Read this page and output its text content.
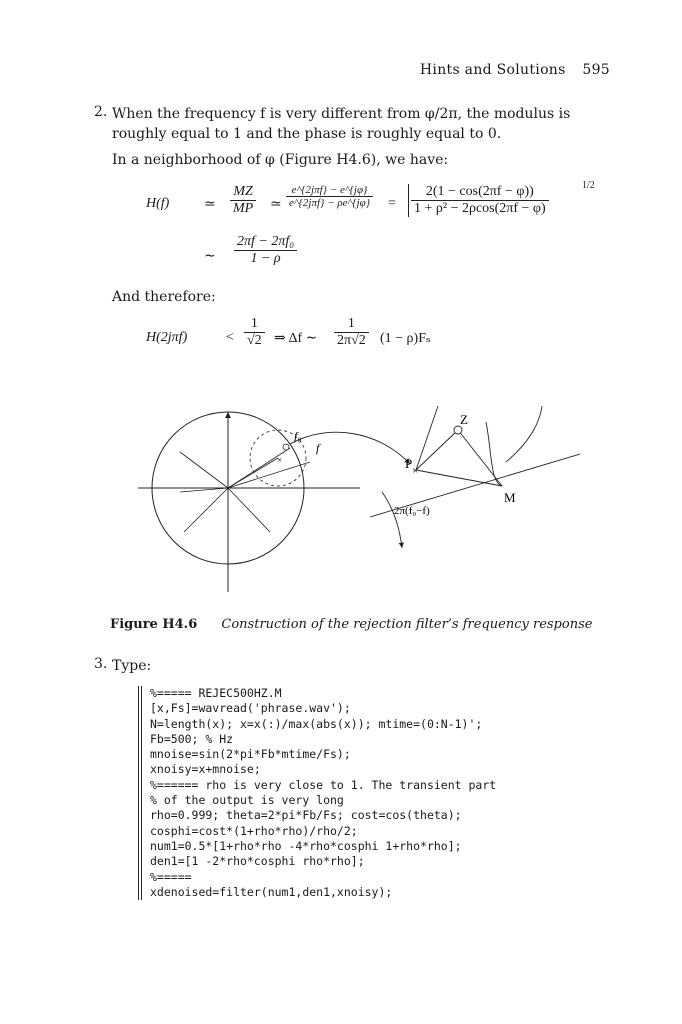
Hints and Solutions 595
2. When the frequency f is very different from φ/2π, the modulus is roughly equal to 1 and the phase is roughly equal to 0.
In a neighborhood of φ (Figure H4.6), we have:
H(f) ≃ $\frac{MZ}{MP}$ ≃
e^{2jπf} − e^{jφ}
e^{2jπf} − ρe^{jφ} = $\frac{2(1 - \cos(2\pi f - \varphi))}{\text{1 + ρ² − 2ρcos(2πf − φ)}}$	1/2
∼ $\frac{\text{2πf − 2πf₀}}{1 - \rho}$
And therefore:
H(2jπf)	< $\frac{1}{√2}$ ⇒ Δf ∼ $\frac{1}{2\pi√2} (1 - \rho)F_s$
×
f₀
f
×
Z
P
M
2π(f₀−f)
Figure H4.6 Construction of the rejection filter’s frequency response
3. Type:
%===== REJEC500HZ.M
[x,Fs]=wavread('phrase.wav');
N=length(x); x=x(:)/max(abs(x)); mtime=(0:N-1)';
Fb=500; % Hz
mnoise=sin(2*pi*Fb*mtime/Fs);
xnoisy=x+mnoise;
%====== rho is very close to 1. The transient part
% of the output is very long
rho=0.999; theta=2*pi*Fb/Fs; cost=cos(theta);
cosphi=cost*(1+rho*rho)/rho/2;
num1=0.5*[1+rho*rho -4*rho*cosphi 1+rho*rho];
den1=[1 -2*rho*cosphi rho*rho];
%=====
xdenoised=filter(num1,den1,xnoisy);
